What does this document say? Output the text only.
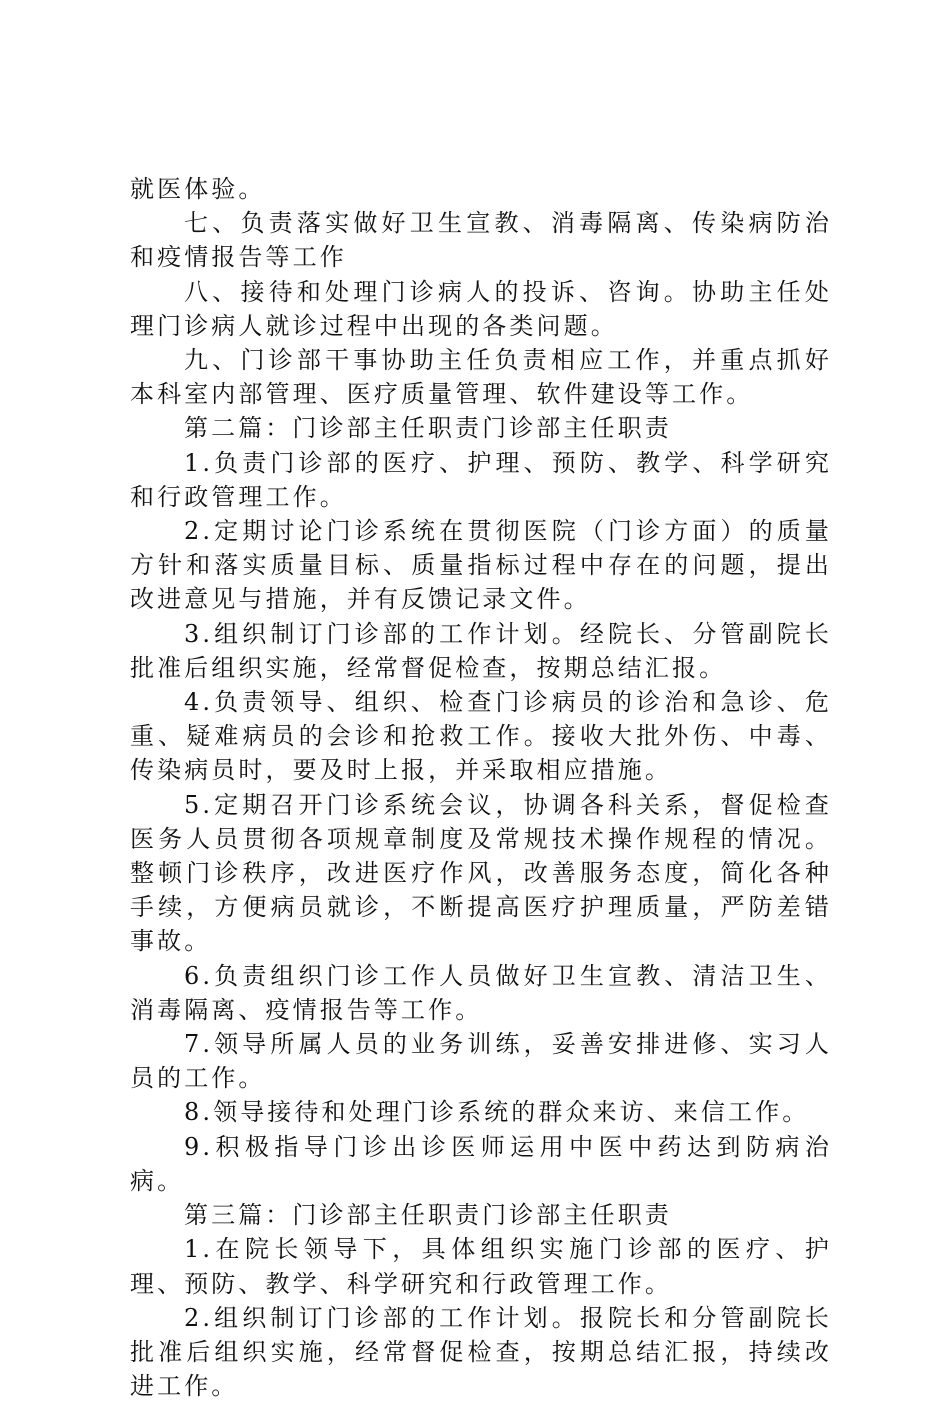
就医体验。

七、负责落实做好卫生宣教、消毒隔离、传染病防治和疫情报告等工作

八、接待和处理门诊病人的投诉、咨询。协助主任处理门诊病人就诊过程中出现的各类问题。

九、门诊部干事协助主任负责相应工作，并重点抓好本科室内部管理、医疗质量管理、软件建设等工作。

第二篇：门诊部主任职责门诊部主任职责

1.负责门诊部的医疗、护理、预防、教学、科学研究和行政管理工作。

2.定期讨论门诊系统在贯彻医院（门诊方面）的质量方针和落实质量目标、质量指标过程中存在的问题，提出改进意见与措施，并有反馈记录文件。

3.组织制订门诊部的工作计划。经院长、分管副院长批准后组织实施，经常督促检查，按期总结汇报。

4.负责领导、组织、检查门诊病员的诊治和急诊、危重、疑难病员的会诊和抢救工作。接收大批外伤、中毒、传染病员时，要及时上报，并采取相应措施。

5.定期召开门诊系统会议，协调各科关系，督促检查医务人员贯彻各项规章制度及常规技术操作规程的情况。整顿门诊秩序，改进医疗作风，改善服务态度，简化各种手续，方便病员就诊，不断提高医疗护理质量，严防差错事故。

6.负责组织门诊工作人员做好卫生宣教、清洁卫生、消毒隔离、疫情报告等工作。

7.领导所属人员的业务训练，妥善安排进修、实习人员的工作。

8.领导接待和处理门诊系统的群众来访、来信工作。

9.积极指导门诊出诊医师运用中医中药达到防病治病。

第三篇：门诊部主任职责门诊部主任职责

1.在院长领导下，具体组织实施门诊部的医疗、护理、预防、教学、科学研究和行政管理工作。

2.组织制订门诊部的工作计划。报院长和分管副院长批准后组织实施，经常督促检查，按期总结汇报，持续改进工作。
